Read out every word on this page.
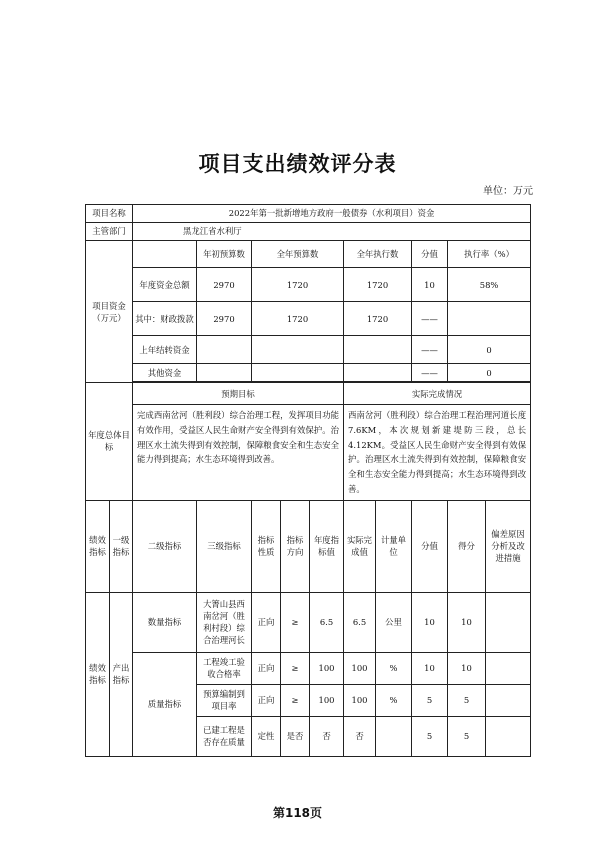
项目支出绩效评分表
单位：万元
项目名称		2022年第一批新增地方政府一般债券（水利项目）资金										
主管部门		黑龙江省水利厅										
项目资金（万元）			年初预算数	全年预算数			全年执行数		分值	执行率（%）	
		年度资金总额	2970	1720			1720		10	58%	
		其中：财政拨款	2970	1720			1720		——			
		上年结转资金							——	0	
		其他资金							——	0	

年度总体目标		预期目标					实际完成情况					
		完成西南岔河（胜利段）综合治理工程，发挥项目功能有效作用，受益区人民生命财产安全得到有效保护。治理区水土流失得到有效控制，保障粮食安全和生态安全能力得到提高；水生态环境得到改善。					西南岔河（胜利段）综合治理工程治理河道长度7.6KM，本次规划新建堤防三段，总长4.12KM。受益区人民生命财产安全得到有效保护。治理区水土流失得到有效控制，保障粮食安全和生态安全能力得到提高；水生态环境得到改善。					
绩效指标	一级指标	二级指标	三级指标	指标性质	指标方向	年度指标值	实际完成值	计量单位	分值	得分	偏差原因分析及改进措施	
绩效指标	产出指标	数量指标	大箐山县西南岔河（胜利村段）综合治理河长	正向	≥	6.5	6.5	公里	10	10		
		质量指标	工程竣工验收合格率	正向	≥	100	100	%	10	10		
			预算编制到项目率	正向	≥	100	100	%	5	5		
			已建工程是否存在质量	定性	是否	否	否		5	5		
第118页
